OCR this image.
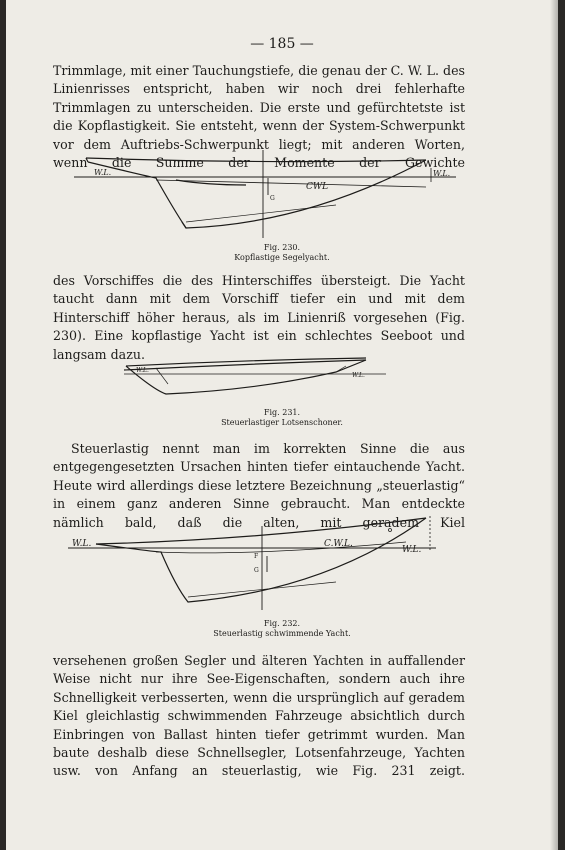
— 185 —

Trimmlage, mit einer Tauchungstiefe, die genau der C. W. L. des Linienrisses entspricht, haben wir noch drei fehlerhafte Trimmlagen zu unterscheiden. Die erste und gefürchtetste ist die Kopflastigkeit. Sie entsteht, wenn der System-Schwerpunkt vor dem Auftriebs-Schwerpunkt liegt; mit anderen Worten, wenn die Summe der Momente der Gewichte

W.L.	W.L.
CWL
G
Fig. 230.
Kopflastige Segelyacht.

des Vorschiffes die des Hinterschiffes übersteigt. Die Yacht taucht dann mit dem Vorschiff tiefer ein und mit dem Hinterschiff höher heraus, als im Linienriß vorgesehen (Fig. 230). Eine kopflastige Yacht ist ein schlechtes Seeboot und langsam dazu.

W.L.
W.L.
Fig. 231.
Steuerlastiger Lotsenschoner.

Steuerlastig nennt man im korrekten Sinne die aus entgegengesetzten Ursachen hinten tiefer eintauchende Yacht. Heute wird allerdings diese letztere Bezeichnung „steuerlastig“ in einem ganz anderen Sinne gebraucht. Man entdeckte nämlich bald, daß die alten, mit geradem Kiel

W.L.
W.L.
C.W.L.
F
G
Fig. 232.
Steuerlastig schwimmende Yacht.

versehenen großen Segler und älteren Yachten in auffallender Weise nicht nur ihre See-Eigenschaften, sondern auch ihre Schnelligkeit verbesserten, wenn die ursprünglich auf geradem Kiel gleichlastig schwimmenden Fahrzeuge absichtlich durch Einbringen von Ballast hinten tiefer getrimmt wurden. Man baute deshalb diese Schnellsegler, Lotsenfahrzeuge, Yachten usw. von Anfang an steuerlastig, wie Fig. 231 zeigt.
